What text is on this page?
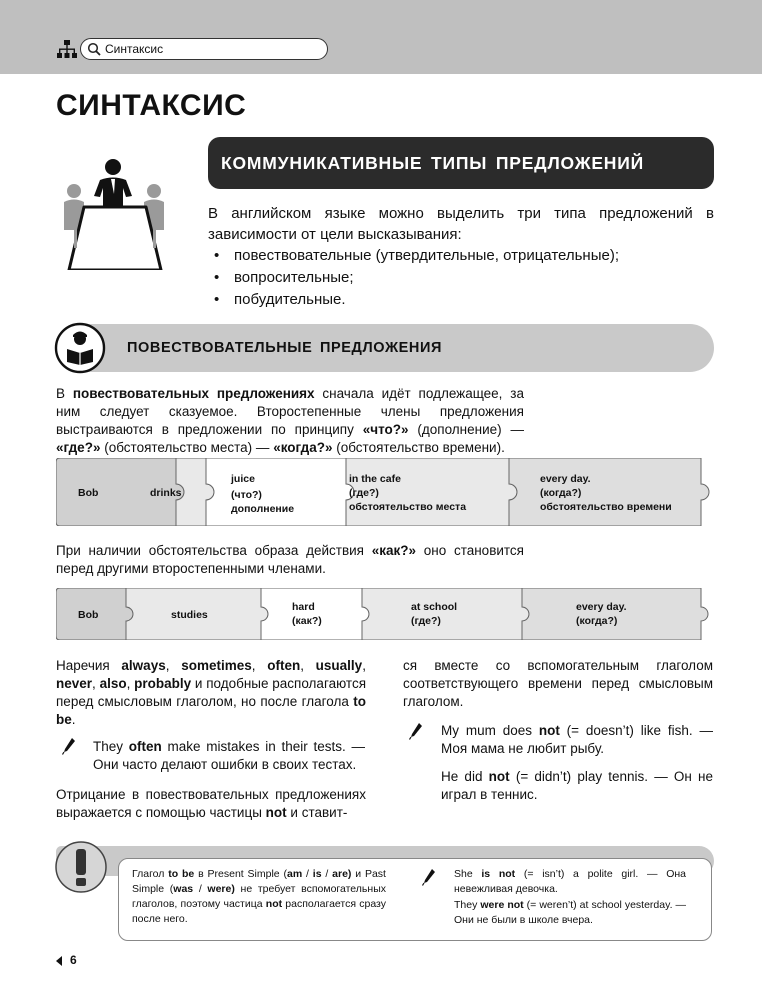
Синтаксис
СИНТАКСИС
КОММУНИКАТИВНЫЕ ТИПЫ ПРЕДЛОЖЕНИЙ
В английском языке можно выделить три типа предложений в зависимости от цели высказывания:
• повествовательные (утвердительные, отрицательные);
• вопросительные;
• побудительные.
ПОВЕСТВОВАТЕЛЬНЫЕ ПРЕДЛОЖЕНИЯ
В повествовательных предложениях сначала идёт подлежащее, за ним следует сказуемое. Второстепенные члены предложения выстраиваются в предложении по принципу «что?» (дополнение) — «где?» (обстоятельство места) — «когда?» (обстоятельство времени).
Bob	drinks
juice
(что?)
дополнение
in the cafe
(где?)
обстоятельство места
every day.
(когда?)
обстоятельство времени
При наличии обстоятельства образа действия «как?» оно становится перед другими второстепенными членами.
Bob	studies
hard
(как?)
at school
(где?)
every day.
(когда?)
Наречия always, sometimes, often, usually, never, also, probably и подобные располагаются перед смысловым глаголом, но после глагола to be.
They often make mistakes in their tests. — Они часто делают ошибки в своих тестах.
Отрицание в повествовательных предложениях выражается с помощью частицы not и ставит-
ся вместе со вспомогательным глаголом соответствующего времени перед смысловым глаголом.
My mum does not (= doesn’t) like fish. — Моя мама не любит рыбу.
He did not (= didn’t) play tennis. — Он не играл в теннис.
Глагол to be в Present Simple (am / is / are) и Past Simple (was / were) не требует вспомогательных глаголов, поэтому частица not располагается сразу после него.
She is not (= isn’t) a polite girl. — Она невежливая девочка.
They were not (= weren’t) at school yesterday. — Они не были в школе вчера.
6
